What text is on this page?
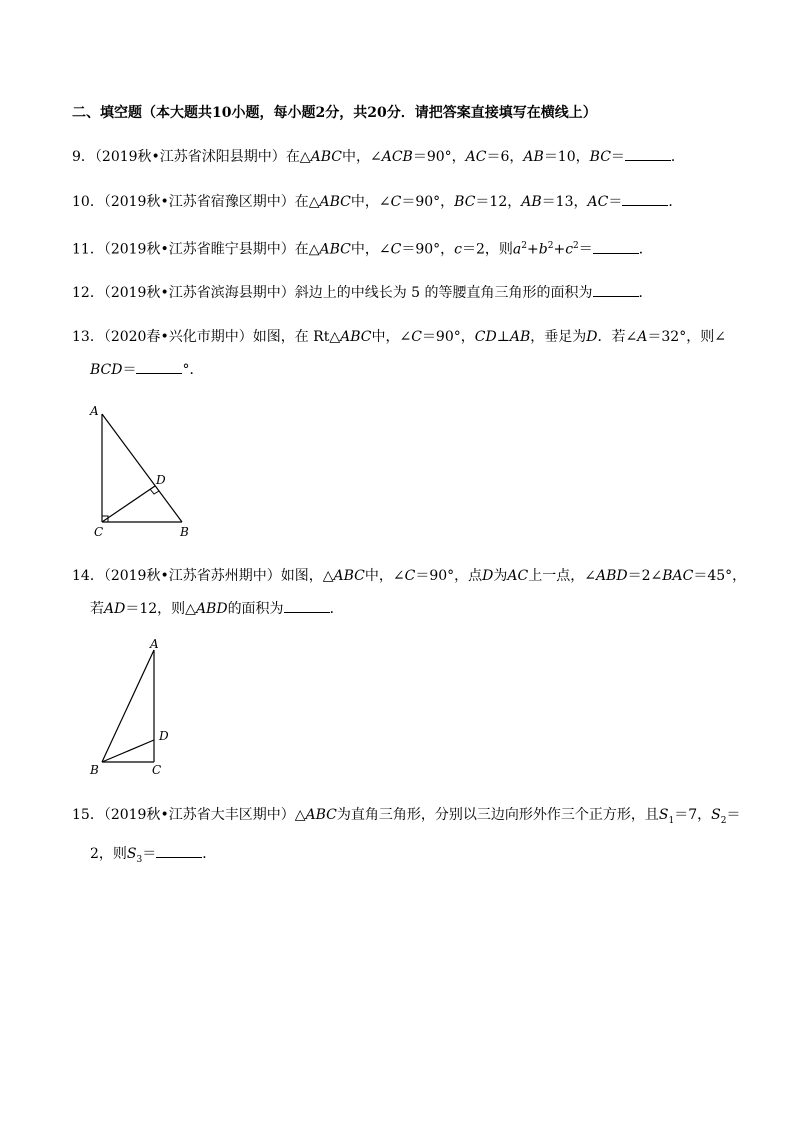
二、填空题（本大题共10小题，每小题2分，共20分．请把答案直接填写在横线上）
9．（2019秋•江苏省沭阳县期中）在△ABC中，∠ACB＝90°，AC＝6，AB＝10，BC＝	．
10．（2019秋•江苏省宿豫区期中）在△ABC中，∠C＝90°，BC＝12，AB＝13，AC＝	．
11．（2019秋•江苏省睢宁县期中）在△ABC中，∠C＝90°，c＝2，则$a^2+b^2+c^2=$	．
12．（2019秋•江苏省滨海县期中）斜边上的中线长为 5 的等腰直角三角形的面积为	．
13．（2020春•兴化市期中）如图，在 Rt△ABC中，∠C＝90°，CD⊥AB，垂足为D．若∠A＝32°，则∠
BCD＝	°．
A
D
C	B
14．（2019秋•江苏省苏州期中）如图，△ABC中，∠C＝90°，点D为AC上一点，∠ABD＝2∠BAC＝45°，
若AD＝12，则△ABD的面积为	．
A
D
B	C
15．（2019秋•江苏省大丰区期中）△ABC为直角三角形，分别以三边向形外作三个正方形，且$S_1=7$，$S_2=$
2，则$S_3=$	．
